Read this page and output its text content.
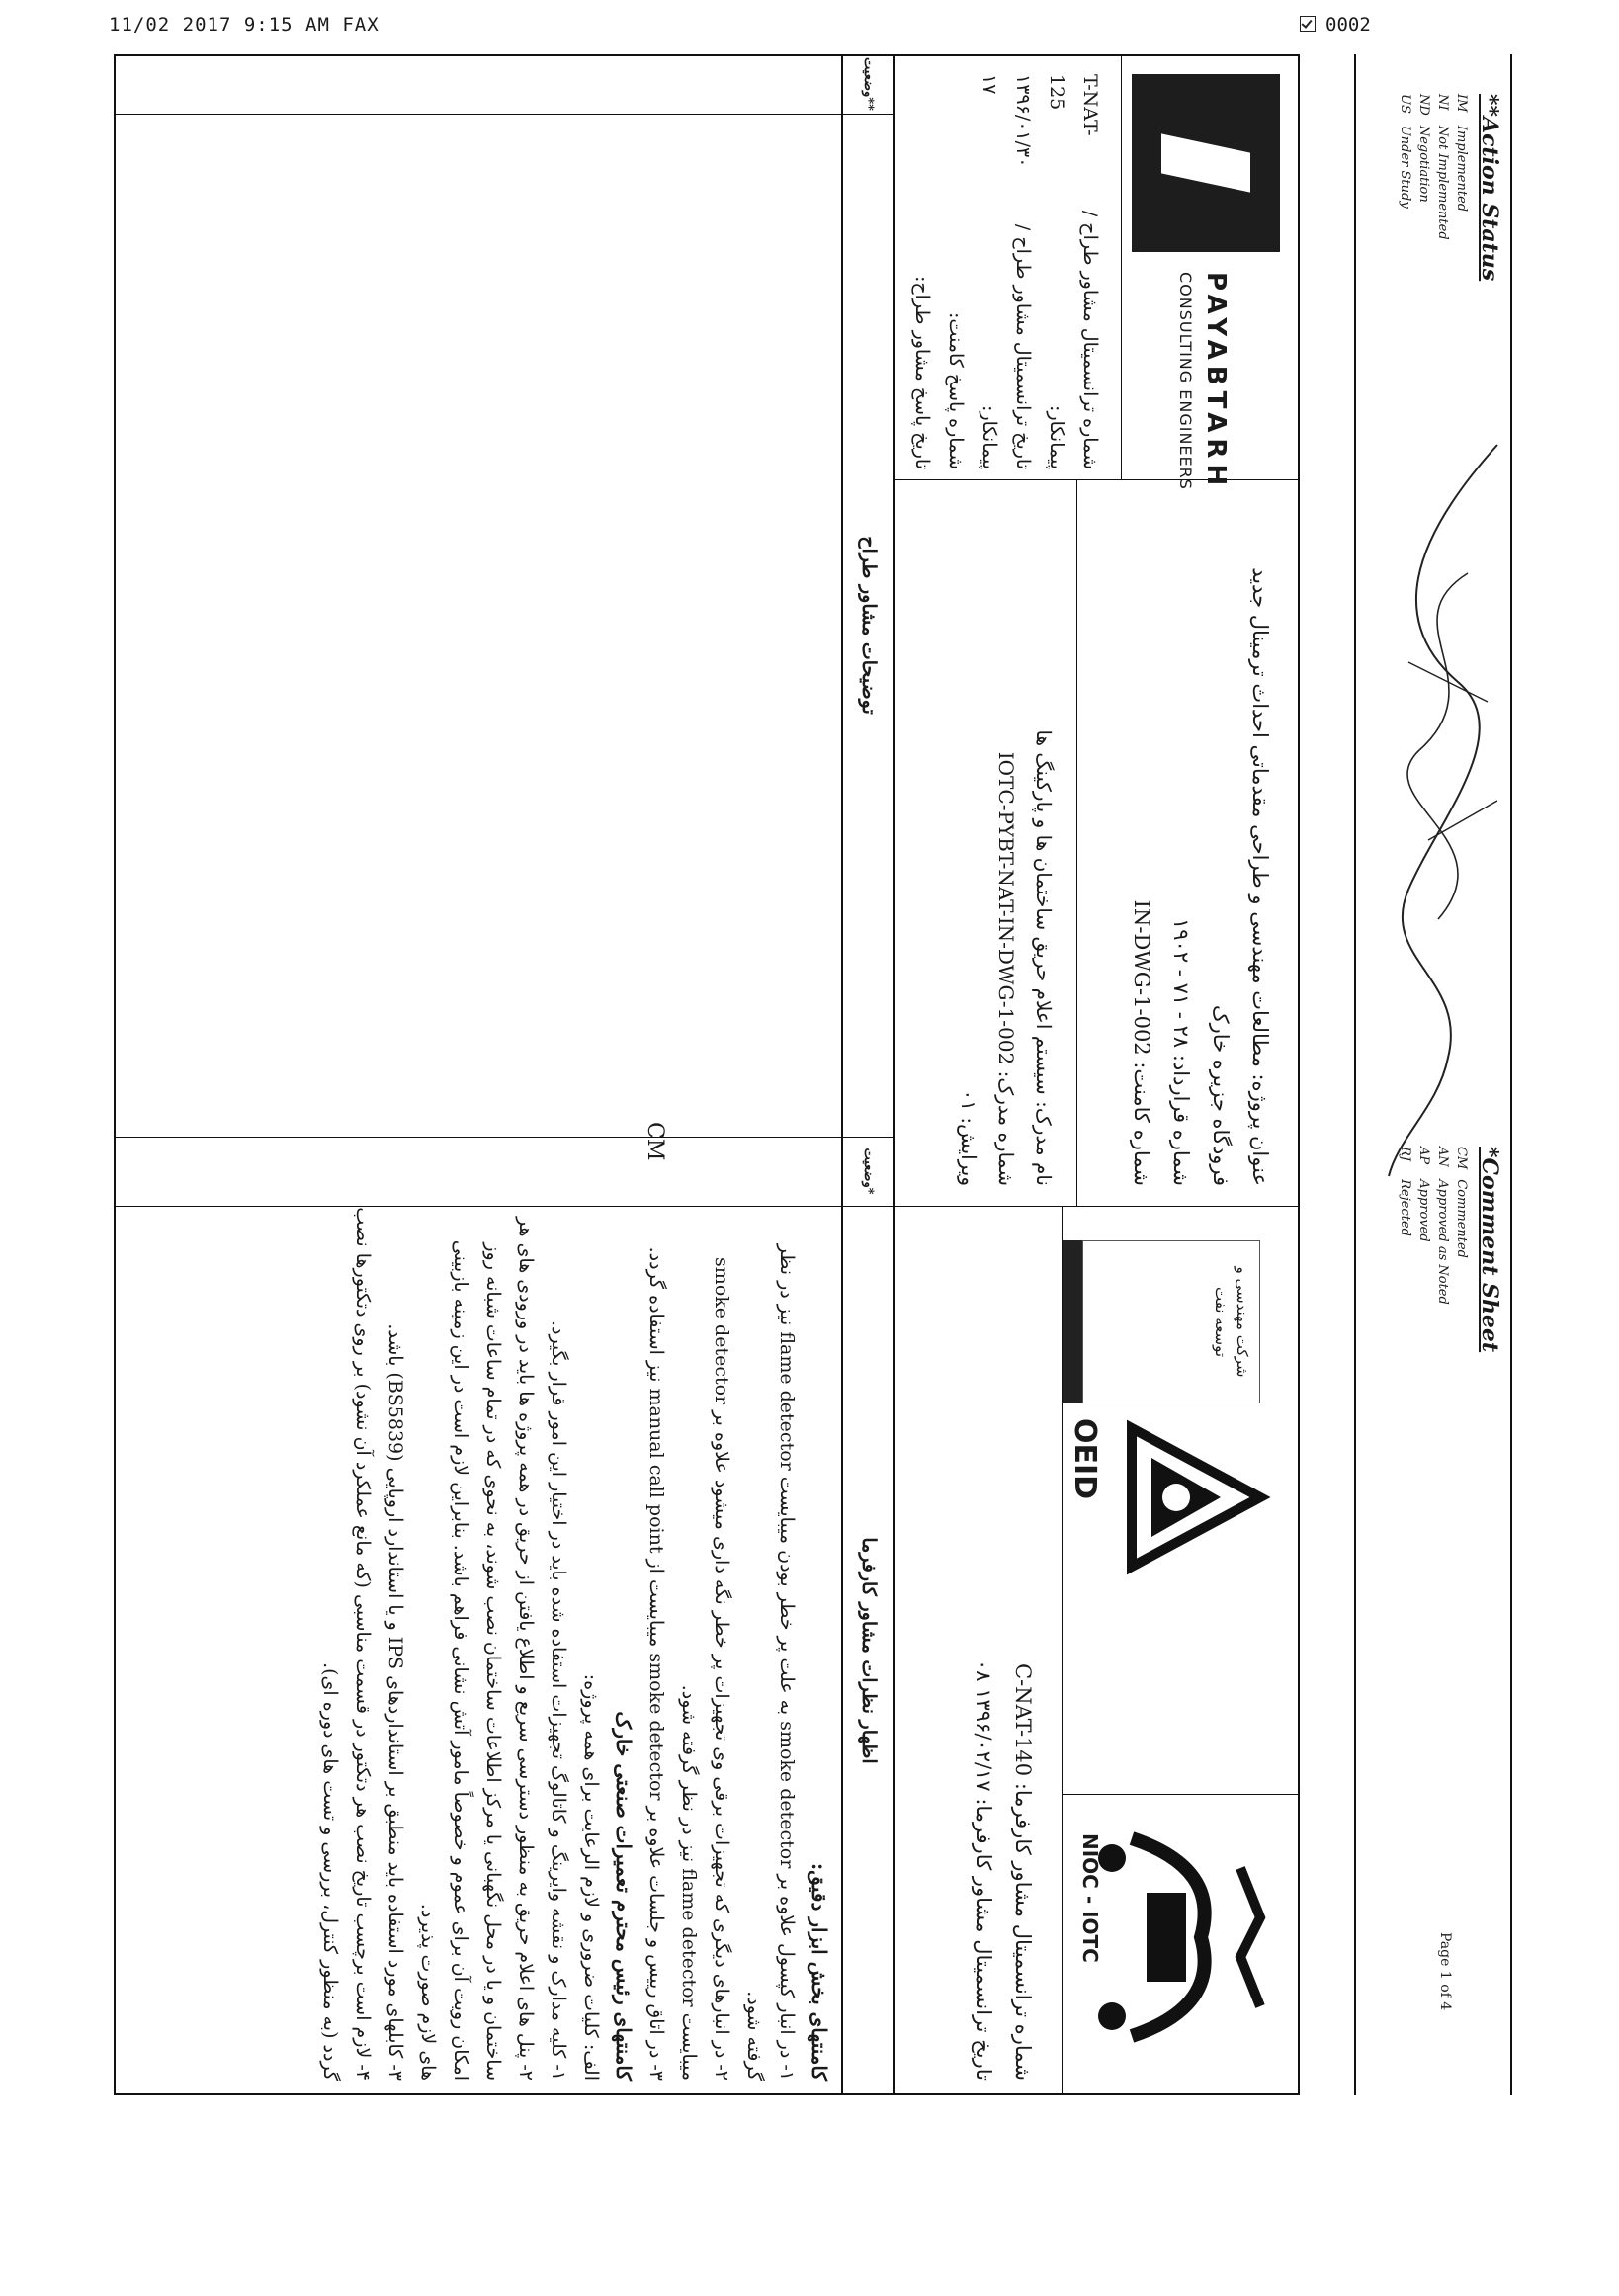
11/02 2017 9:15 AM FAX	0002
PAYABTARH
CONSULTING ENGINEERS
T-NAT-125
شماره ترانسمیتال مشاور طراح / پیمانکار:
۱۳۹۶/۰۱/۳۰ ۱۷
تاریخ ترانسمیتال مشاور طراح / پیمانکار:
شماره پاسخ کامنت:
تاریخ پاسخ مشاور طراح:
عنوان پروژه: مطالعات مهندسی و طراحی مقدماتی احداث ترمینال جدید فرودگاه جزیره خارک
شماره قرارداد: ۱۹۰۲ - ۷۱ - ۲۸
شماره کامنت: IN-DWG-1-002
نام مدرک: سیستم اعلام حریق ساختمان ها و پارکینگ ها
شماره مدرک: IOTC-PYBT-NAT-IN-DWG-1-002
ویرایش: ۰۱
شرکت مهندسی و توسعه نفت
OEID
NIOC - IOTC
شماره ترانسمیتال مشاور کارفرما: C-NAT-140
تاریخ ترانسمیتال مشاور کارفرما: ۱۳۹۶/۰۲/۱۷ ۰۸
وضعیت**
توضیحات مشاور طراح
وضعیت*
اظهار نظرات مشاور کارفرما
CM

کامنتهای بخش ابزار دقیق:

۱- در انبار کپسول علاوه بر smoke detector به علت پر خطر بودن میبایست flame detector نیز در نظر گرفته شود.

۲- در انبارهای دیگری که تجهیزات برقی وی تجهیزات پر خطر نگه داری میشود علاوه بر smoke detector میبایست flame detector نیز در نظر گرفته شود.

۳- در اتاق رییس و جلسات علاوه بر smoke detector میبایست از manual call point نیز استفاده گردد.

کامنتهای رئیس محترم تعمیرات صنعتی خارک

الف: کلیات ضروری و لازم الرعایت برای همه پروژه:

۱- کلیه مدارک و نقشه وایرینگ و کاتالوگ تجهیزات استفاده شده باید در اختیار این امور قرار بگیرد.

۲- پنل های اعلام حریق به منظور دسترسی سریع و اطلاع یافتن از حریق در همه پروژه ها باید در ورودی های هر ساختمان و یا در محل نگهبانی یا مرکز اطلاعات ساختمان نصب شوند، به نحوی که در تمام ساعات شبانه روز امکان رویت آن برای عموم و خصوصاً مامور آتش نشانی فراهم باشد. بنابراین لازم است در این زمینه بازبینی های لازم صورت پذیرد.

۳- کابلهای مورد استفاده باید منطبق بر استانداردهای IPS و یا استاندارد اروپایی (BS5839) باشد.

۴- لازم است برچسب تاریخ نصب هر دتکتور در قسمت مناسبی (که مانع عملکرد آن نشود) بر روی دتکتورها نصب گردد (به منظور کنترل، بررسی و تست های دوره ای).

**Action Status
IM
NI
ND
US
Implemented
Not Implemented
Negotiation
Under Study
*Comment Sheet
CM
AN
AP
RJ
Commented
Approved as Noted
Approved
Rejected
Page 1 of 4
